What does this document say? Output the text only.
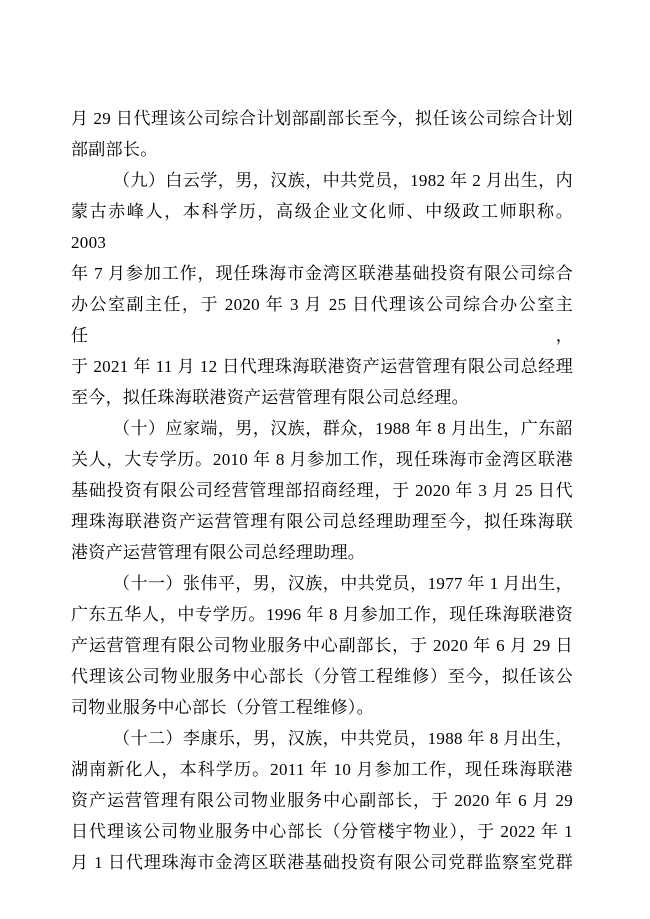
月 29 日代理该公司综合计划部副部长至今，拟任该公司综合计划
部副部长。
（九）白云学，男，汉族，中共党员，1982 年 2 月出生，内
蒙古赤峰人，本科学历，高级企业文化师、中级政工师职称。2003
年 7 月参加工作，现任珠海市金湾区联港基础投资有限公司综合
办公室副主任，于 2020 年 3 月 25 日代理该公司综合办公室主任，
于 2021 年 11 月 12 日代理珠海联港资产运营管理有限公司总经理
至今，拟任珠海联港资产运营管理有限公司总经理。
（十）应家端，男，汉族，群众，1988 年 8 月出生，广东韶
关人，大专学历。2010 年 8 月参加工作，现任珠海市金湾区联港
基础投资有限公司经营管理部招商经理，于 2020 年 3 月 25 日代
理珠海联港资产运营管理有限公司总经理助理至今，拟任珠海联
港资产运营管理有限公司总经理助理。
（十一）张伟平，男，汉族，中共党员，1977 年 1 月出生，
广东五华人，中专学历。1996 年 8 月参加工作，现任珠海联港资
产运营管理有限公司物业服务中心副部长，于 2020 年 6 月 29 日
代理该公司物业服务中心部长（分管工程维修）至今，拟任该公
司物业服务中心部长（分管工程维修）。
（十二）李康乐，男，汉族，中共党员，1988 年 8 月出生，
湖南新化人，本科学历。2011 年 10 月参加工作，现任珠海联港
资产运营管理有限公司物业服务中心副部长，于 2020 年 6 月 29
日代理该公司物业服务中心部长（分管楼宇物业），于 2022 年 1
月 1 日代理珠海市金湾区联港基础投资有限公司党群监察室党群
